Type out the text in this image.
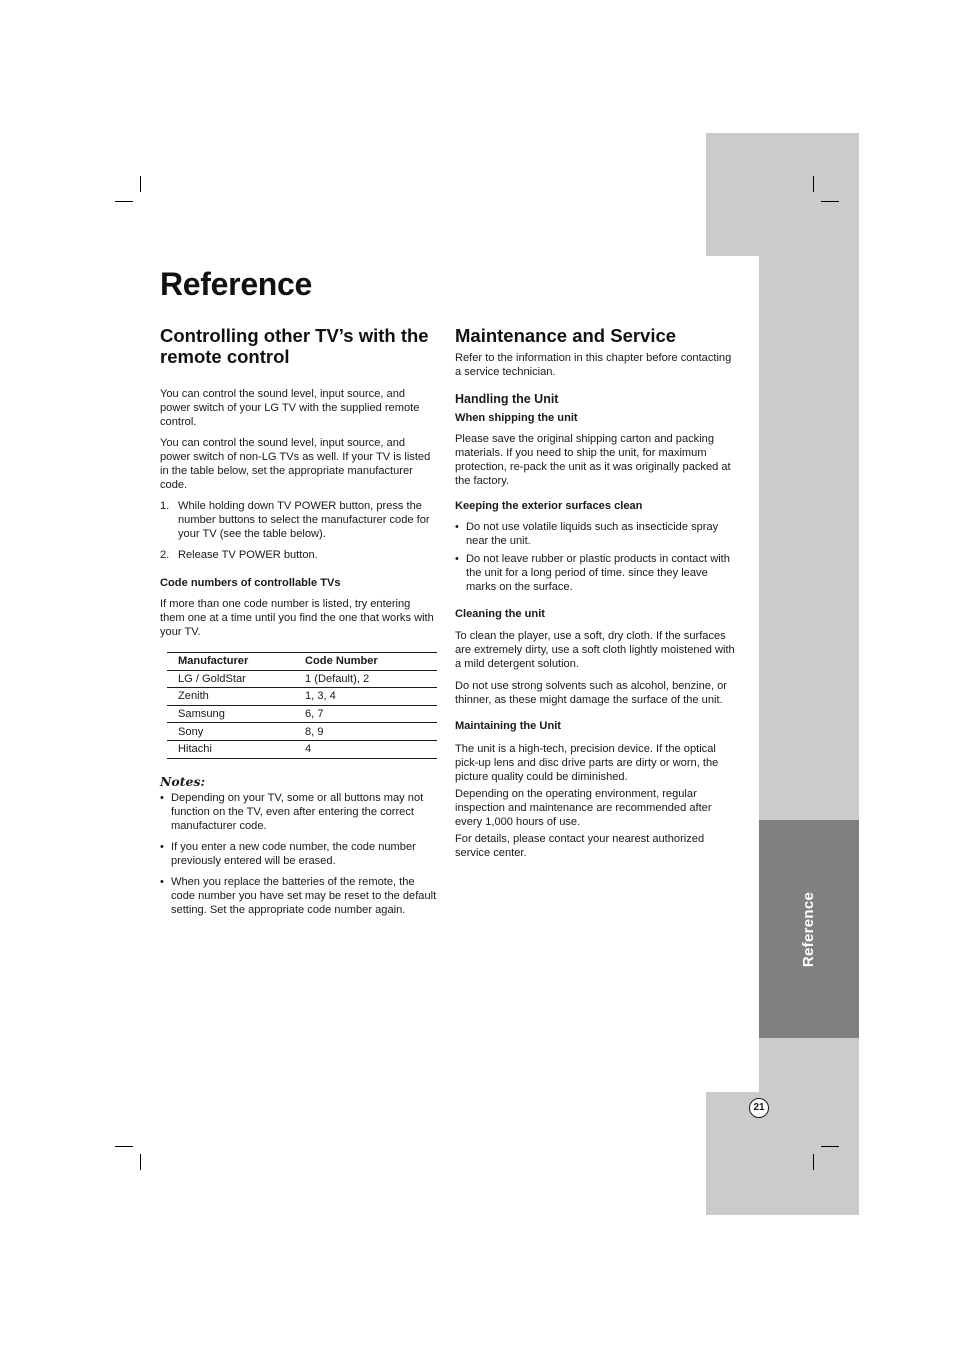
Reference
21
Reference
Controlling other TV’s with the remote control

You can control the sound level, input source, and power switch of your LG TV with the supplied remote control.

You can control the sound level, input source, and power switch of non-LG TVs as well. If your TV is listed in the table below, set the appropriate manufacturer code.

1. While holding down TV POWER button, press the number buttons to select the manufacturer code for your TV (see the table below).
2. Release TV POWER button.
Code numbers of controllable TVs

If more than one code number is listed, try entering them one at a time until you find the one that works with your TV.

Manufacturer	Code Number
LG / GoldStar	1 (Default), 2
Zenith	1, 3, 4
Samsung	6, 7
Sony	8, 9
Hitachi	4
Notes:
• Depending on your TV, some or all buttons may not function on the TV, even after entering the correct manufacturer code.
• If you enter a new code number, the code number previously entered will be erased.
• When you replace the batteries of the remote, the code number you have set may be reset to the default setting. Set the appropriate code number again.
Maintenance and Service

Refer to the information in this chapter before contacting a service technician.

Handling the Unit
When shipping the unit

Please save the original shipping carton and packing materials. If you need to ship the unit, for maximum protection, re-pack the unit as it was originally packed at the factory.

Keeping the exterior surfaces clean
• Do not use volatile liquids such as insecticide spray near the unit.
• Do not leave rubber or plastic products in contact with the unit for a long period of time. since they leave marks on the surface.
Cleaning the unit

To clean the player, use a soft, dry cloth. If the surfaces are extremely dirty, use a soft cloth lightly moistened with a mild detergent solution.

Do not use strong solvents such as alcohol, benzine, or thinner, as these might damage the surface of the unit.

Maintaining the Unit

The unit is a high-tech, precision device. If the optical pick-up lens and disc drive parts are dirty or worn, the picture quality could be diminished.

Depending on the operating environment, regular inspection and maintenance are recommended after every 1,000 hours of use.

For details, please contact your nearest authorized service center.
